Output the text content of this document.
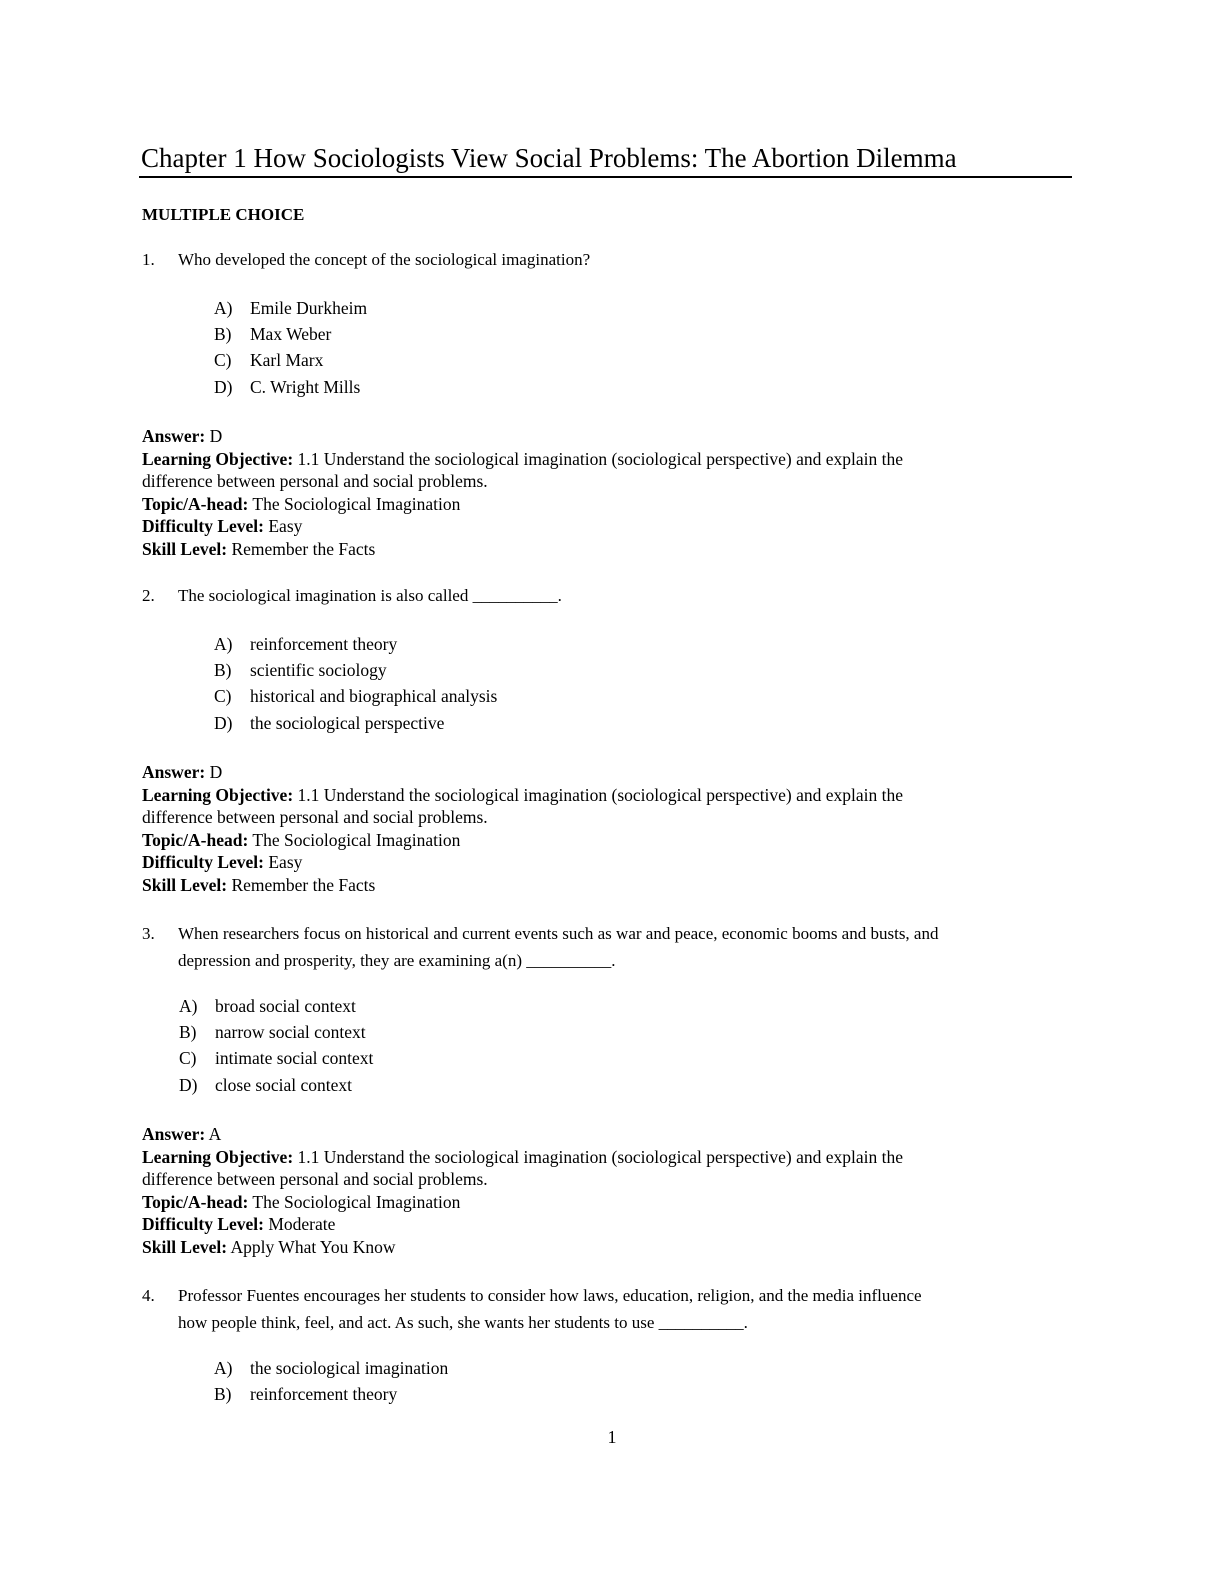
Chapter 1 How Sociologists View Social Problems: The Abortion Dilemma
MULTIPLE CHOICE
1. Who developed the concept of the sociological imagination?
A) Emile Durkheim
B) Max Weber
C) Karl Marx
D) C. Wright Mills
Answer: D
Learning Objective: 1.1 Understand the sociological imagination (sociological perspective) and explain the
difference between personal and social problems.
Topic/A-head: The Sociological Imagination
Difficulty Level: Easy
Skill Level: Remember the Facts
2. The sociological imagination is also called __________.
A) reinforcement theory
B) scientific sociology
C) historical and biographical analysis
D) the sociological perspective
Answer: D
Learning Objective: 1.1 Understand the sociological imagination (sociological perspective) and explain the
difference between personal and social problems.
Topic/A-head: The Sociological Imagination
Difficulty Level: Easy
Skill Level: Remember the Facts
3. When researchers focus on historical and current events such as war and peace, economic booms and busts, and
depression and prosperity, they are examining a(n) __________.
A) broad social context
B) narrow social context
C) intimate social context
D) close social context
Answer: A
Learning Objective: 1.1 Understand the sociological imagination (sociological perspective) and explain the
difference between personal and social problems.
Topic/A-head: The Sociological Imagination
Difficulty Level: Moderate
Skill Level: Apply What You Know
4. Professor Fuentes encourages her students to consider how laws, education, religion, and the media influence
how people think, feel, and act. As such, she wants her students to use __________.
A) the sociological imagination
B) reinforcement theory
1
